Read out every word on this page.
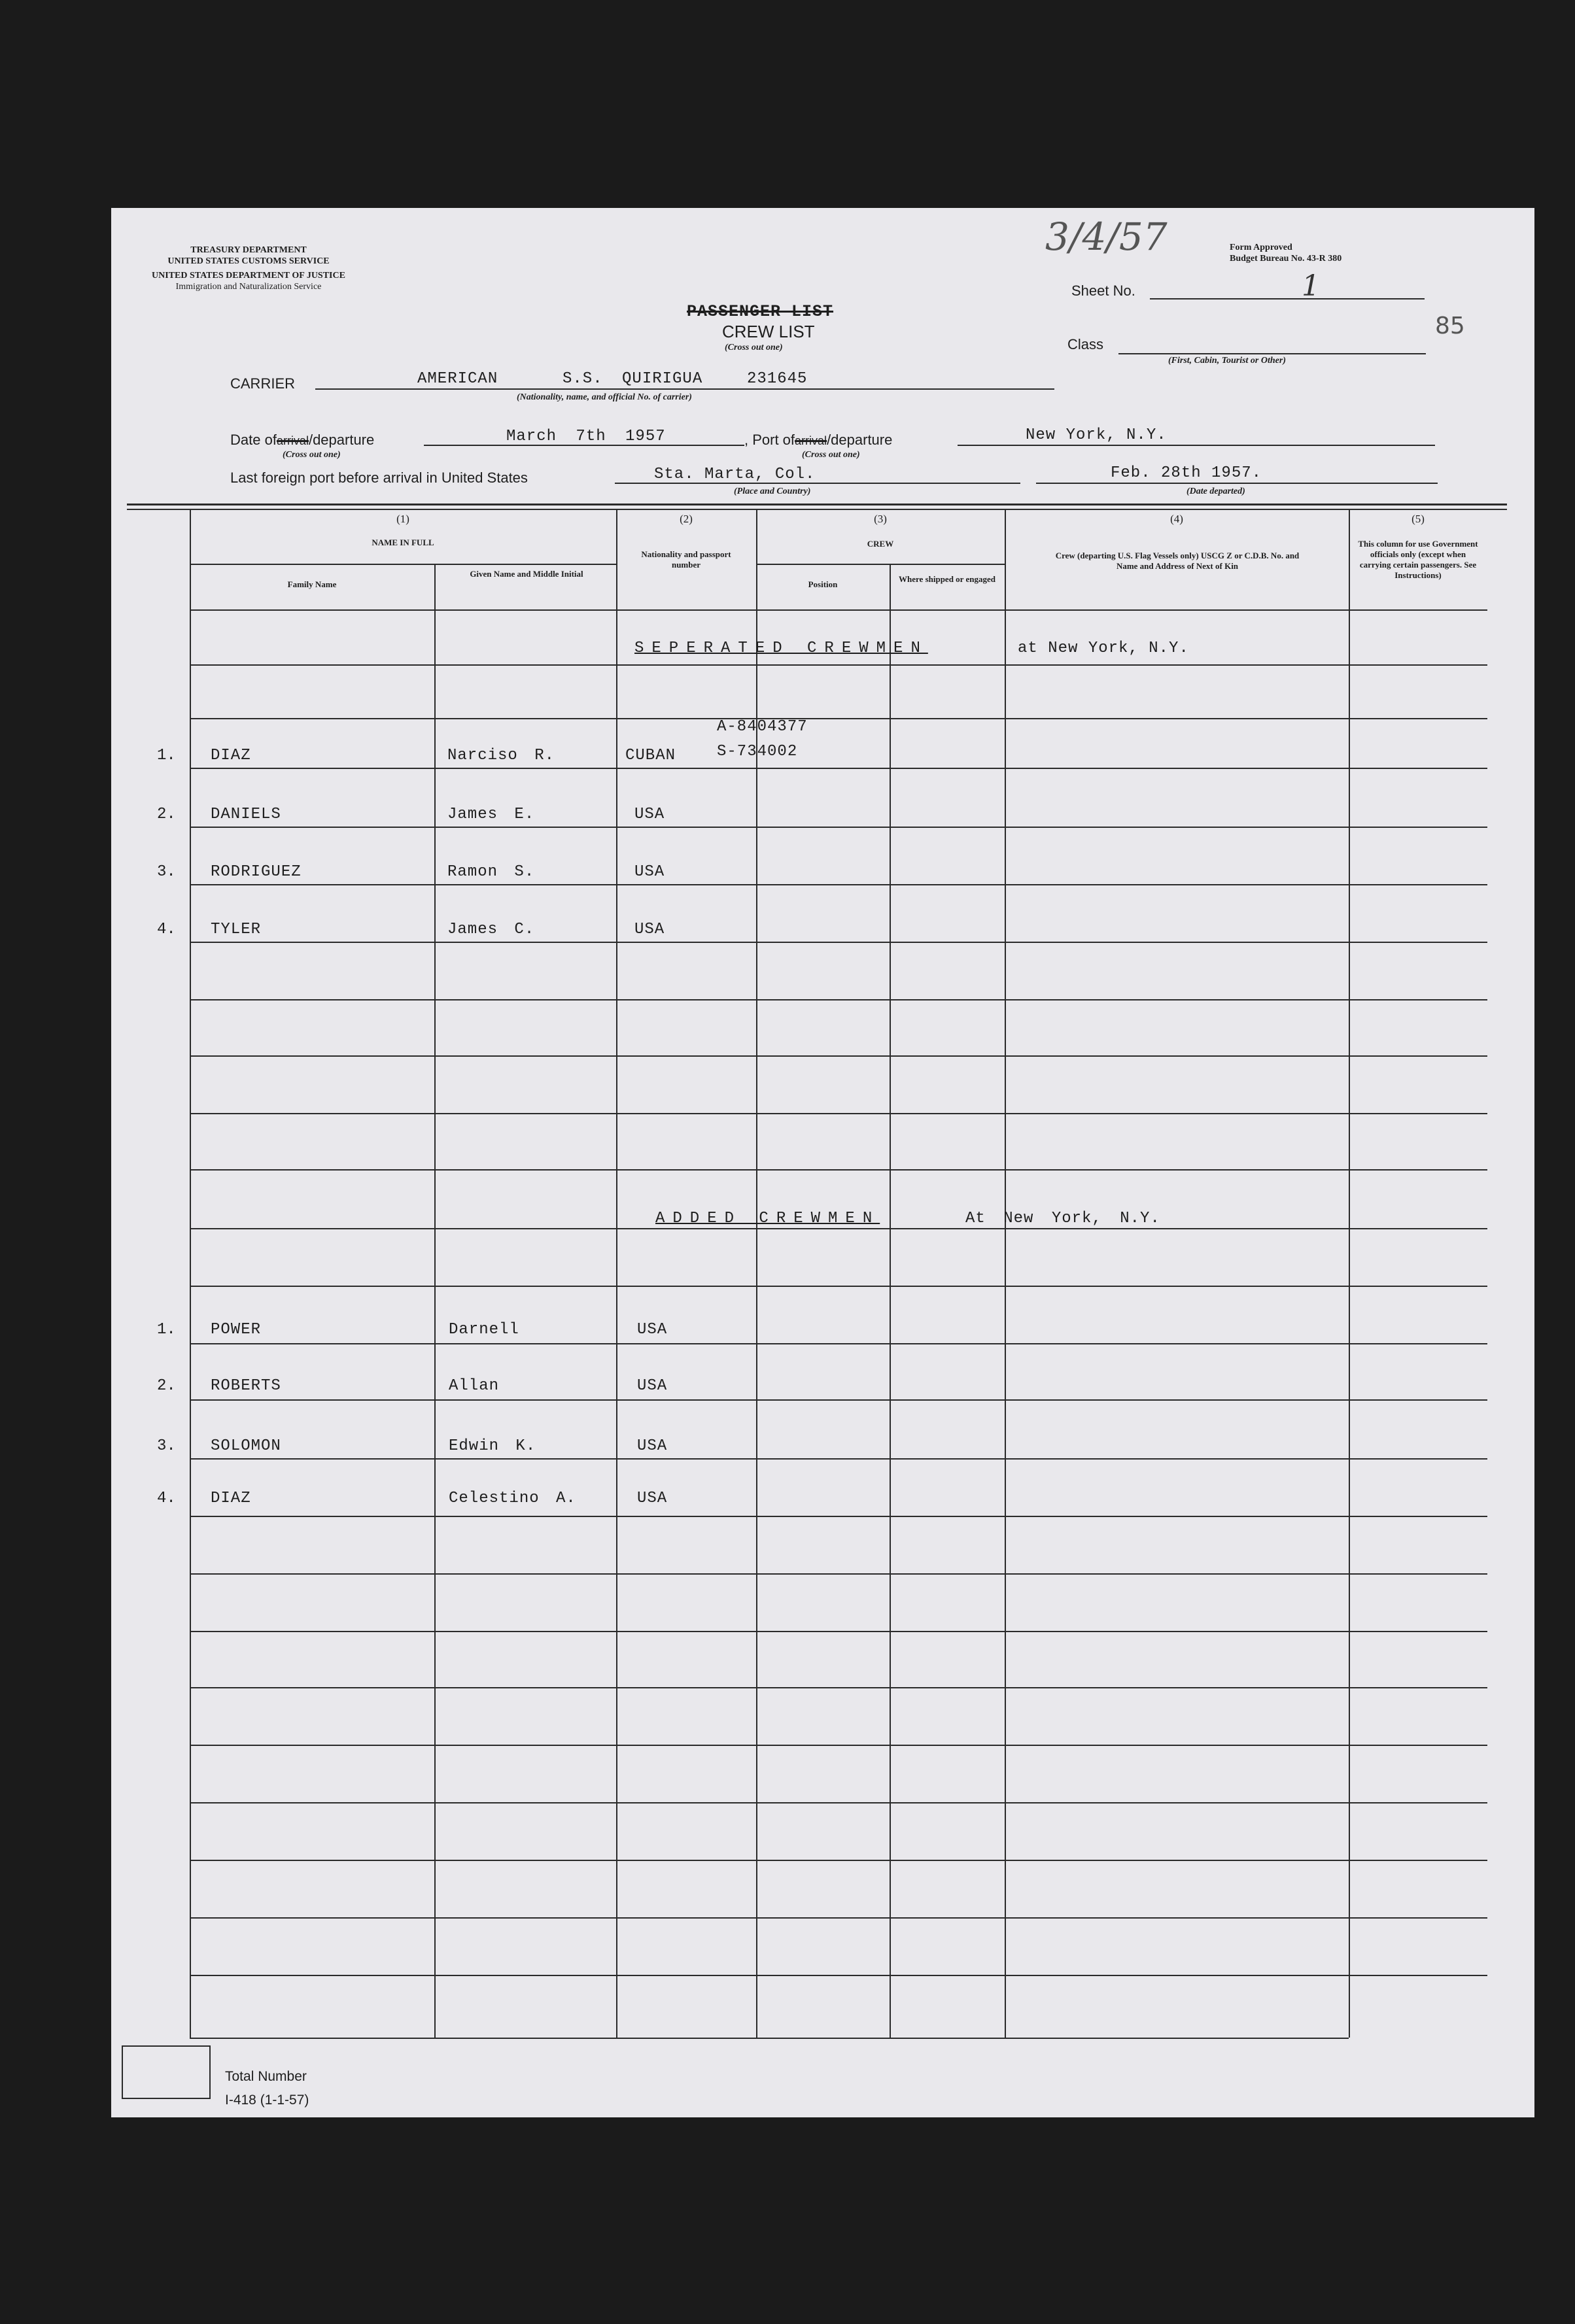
TREASURY DEPARTMENT
UNITED STATES CUSTOMS SERVICE
UNITED STATES DEPARTMENT OF JUSTICE
Immigration and Naturalization Service
3/4/57	Form Approved
Budget Bureau No. 43-R 380
Sheet No.	1
85
PASSENGER LIST
CREW LIST
(Cross out one)	Class
(First, Cabin, Tourist or Other)
CARRIER	AMERICAN	S.S. QUIRIGUA	231645
(Nationality, name, and official No. of carrier)
Date ofarrival/departure	March 7th 1957
(Cross out one)
, Port ofarrival/departure	New York, N.Y.
(Cross out one)
Last foreign port before arrival in United States	Sta. Marta, Col.
(Place and Country)
Feb. 28th 1957.
(Date departed)
(1)
NAME IN FULL
Family Name
Given Name and Middle Initial
(2)
Nationality and passport number
(3)
CREW
Position
Where shipped or engaged
(4)
Crew (departing U.S. Flag Vessels only) USCG Z or C.D.B. No. and Name and Address of Next of Kin
(5)
This column for use Government officials only (except when carrying certain passengers. See Instructions)
SEPERATED CREWMEN	at New York, N.Y.
1. DIAZ	Narciso R.	CUBAN
A-8404377
S-734002
2. DANIELS	James E.	USA
3. RODRIGUEZ	Ramon S.	USA
4. TYLER	James C.	USA
ADDED CREWMEN	At New York, N.Y.
1. POWER	Darnell	USA
2. ROBERTS	Allan	USA
3. SOLOMON	Edwin K.	USA
4. DIAZ	Celestino A.	USA
Total Number
I-418 (1-1-57)
